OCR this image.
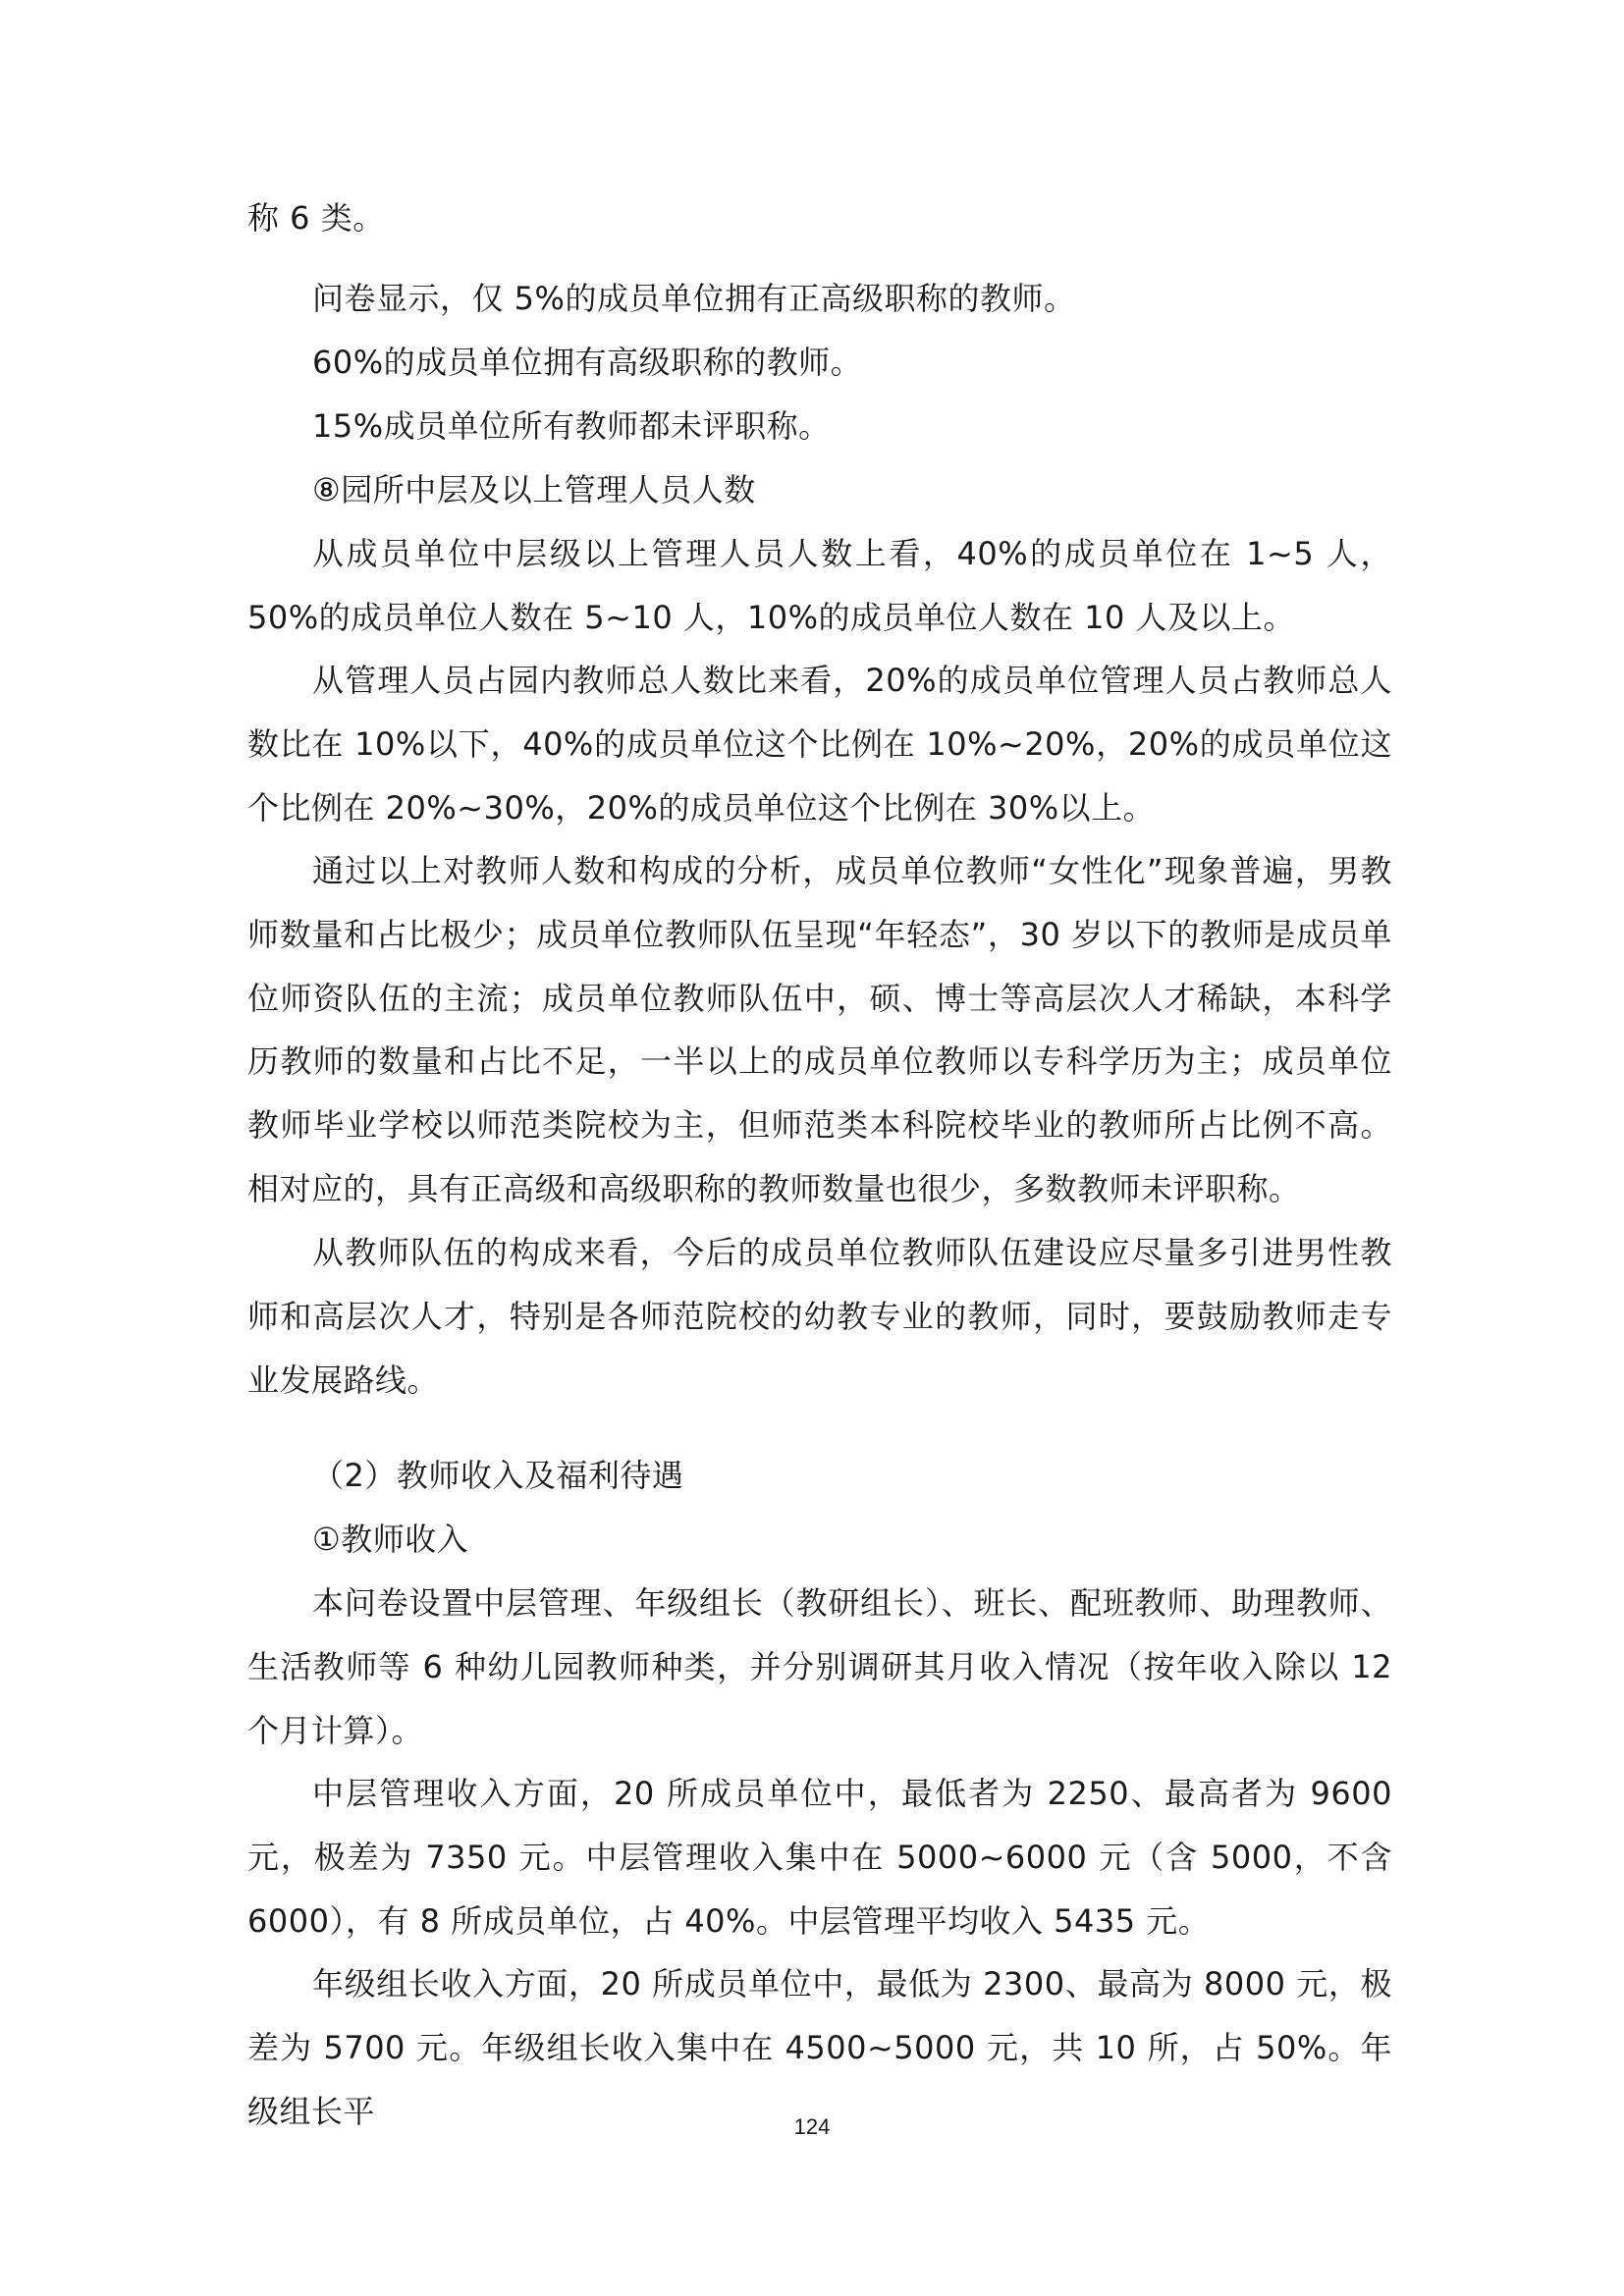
称 6 类。

问卷显示，仅 5%的成员单位拥有正高级职称的教师。

60%的成员单位拥有高级职称的教师。

15%成员单位所有教师都未评职称。

⑧园所中层及以上管理人员人数

从成员单位中层级以上管理人员人数上看，40%的成员单位在 1~5 人，50%的成员单位人数在 5~10 人，10%的成员单位人数在 10 人及以上。

从管理人员占园内教师总人数比来看，20%的成员单位管理人员占教师总人数比在 10%以下，40%的成员单位这个比例在 10%~20%，20%的成员单位这个比例在 20%~30%，20%的成员单位这个比例在 30%以上。

通过以上对教师人数和构成的分析，成员单位教师“女性化”现象普遍，男教师数量和占比极少；成员单位教师队伍呈现“年轻态”，30 岁以下的教师是成员单位师资队伍的主流；成员单位教师队伍中，硕、博士等高层次人才稀缺，本科学历教师的数量和占比不足，一半以上的成员单位教师以专科学历为主；成员单位教师毕业学校以师范类院校为主，但师范类本科院校毕业的教师所占比例不高。相对应的，具有正高级和高级职称的教师数量也很少，多数教师未评职称。

从教师队伍的构成来看，今后的成员单位教师队伍建设应尽量多引进男性教师和高层次人才，特别是各师范院校的幼教专业的教师，同时，要鼓励教师走专业发展路线。

（2）教师收入及福利待遇

①教师收入

本问卷设置中层管理、年级组长（教研组长）、班长、配班教师、助理教师、生活教师等 6 种幼儿园教师种类，并分别调研其月收入情况（按年收入除以 12 个月计算）。

中层管理收入方面，20 所成员单位中，最低者为 2250、最高者为 9600 元，极差为 7350 元。中层管理收入集中在 5000~6000 元（含 5000，不含 6000），有 8 所成员单位，占 40%。中层管理平均收入 5435 元。

年级组长收入方面，20 所成员单位中，最低为 2300、最高为 8000 元，极差为 5700 元。年级组长收入集中在 4500~5000 元，共 10 所，占 50%。年级组长平	124
